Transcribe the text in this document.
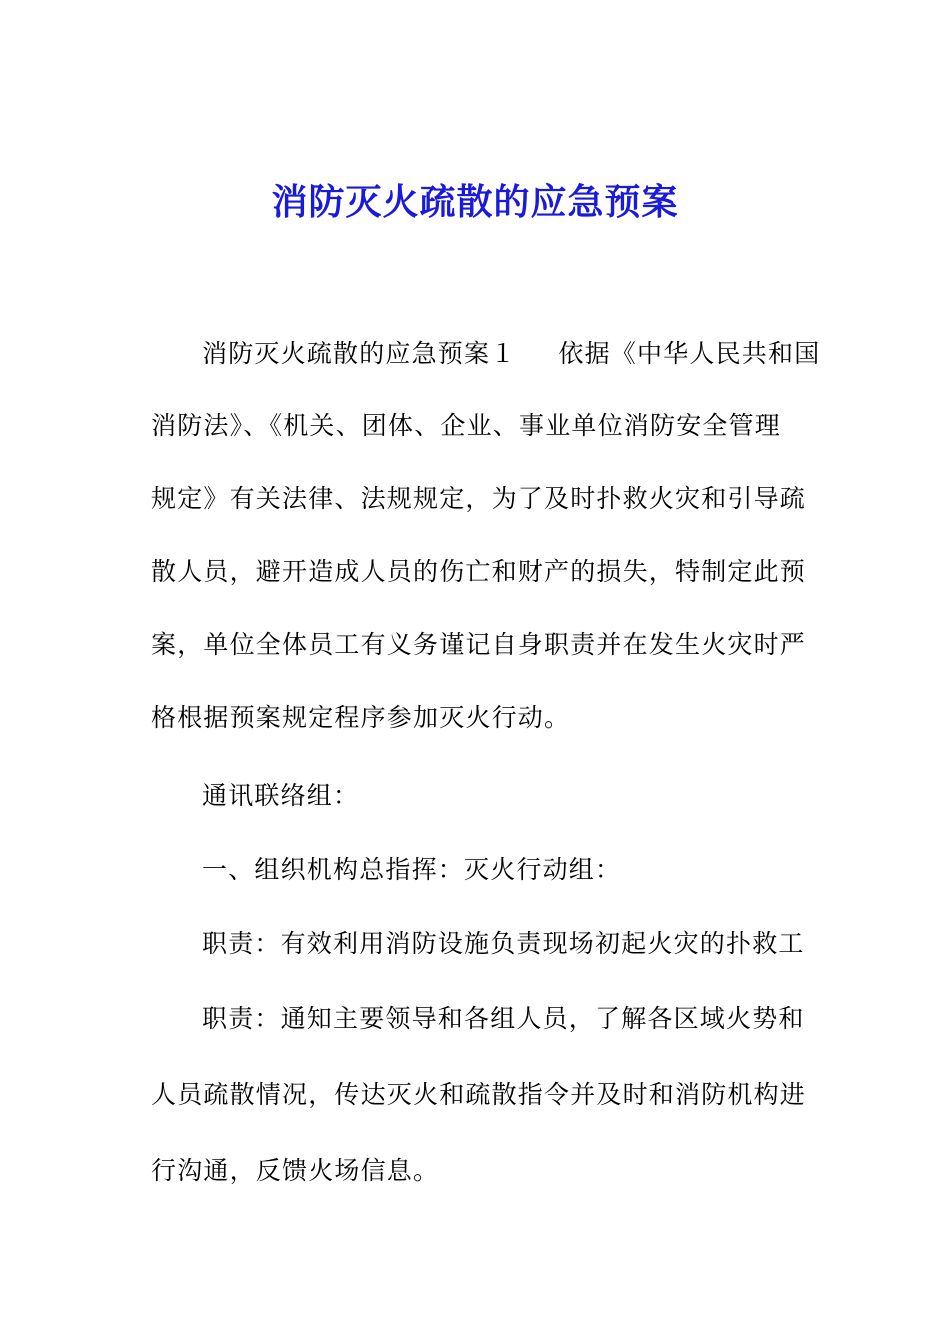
消防灭火疏散的应急预案
消防灭火疏散的应急预案１ 依据《中华人民共和国
消防法》、《机关、团体、企业、事业单位消防安全管理
规定》有关法律、法规规定，为了及时扑救火灾和引导疏
散人员，避开造成人员的伤亡和财产的损失，特制定此预
案，单位全体员工有义务谨记自身职责并在发生火灾时严
格根据预案规定程序参加灭火行动。
通讯联络组：
一、组织机构总指挥：灭火行动组：
职责：有效利用消防设施负责现场初起火灾的扑救工
职责：通知主要领导和各组人员，了解各区域火势和
人员疏散情况，传达灭火和疏散指令并及时和消防机构进
行沟通，反馈火场信息。
